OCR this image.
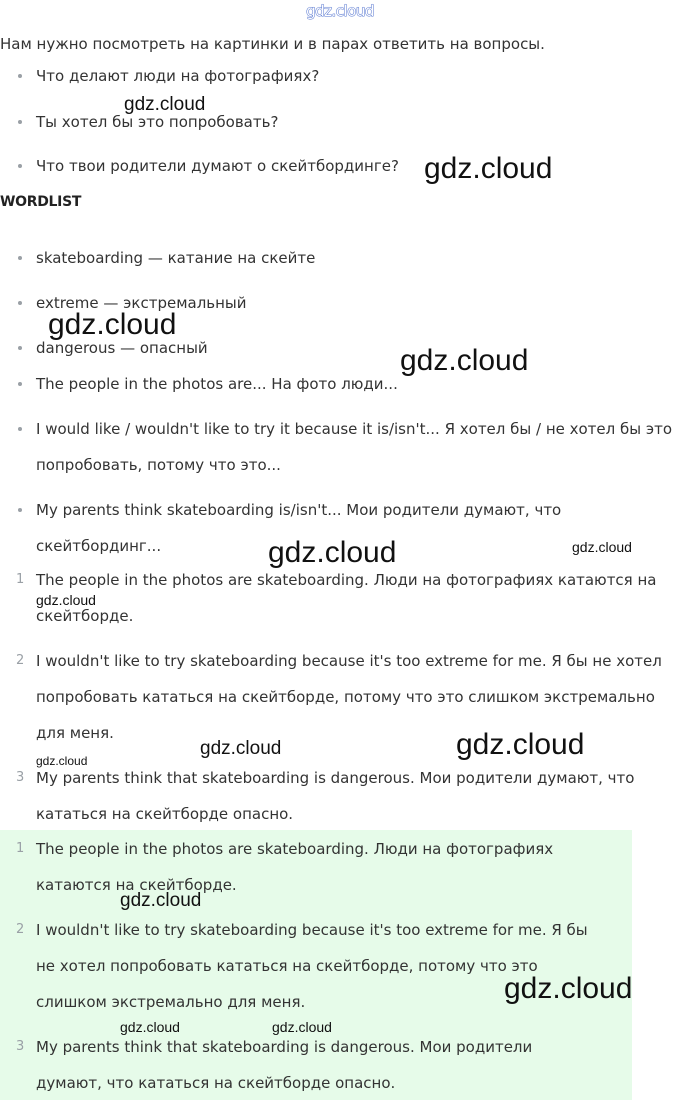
gdz.cloud

Нам нужно посмотреть на картинки и в парах ответить на вопросы.

Что делают люди на фотографиях?
Ты хотел бы это попробовать?
Что твои родители думают о скейтбординге?
WORDLIST
skateboarding — катание на скейте
extreme — экстремальный
dangerous — опасный
The people in the photos are... На фото люди...
I would like / wouldn't like to try it because it is/isn't... Я хотел бы / не хотел бы это попробовать, потому что это...
My parents think skateboarding is/isn't... Мои родители думают, что скейтбординг...
1 The people in the photos are skateboarding. Люди на фотографиях катаются на скейтборде.
2 I wouldn't like to try skateboarding because it's too extreme for me. Я бы не хотел попробовать кататься на скейтборде, потому что это слишком экстремально для меня.
3 My parents think that skateboarding is dangerous. Мои родители думают, что кататься на скейтборде опасно.
1 The people in the photos are skateboarding. Люди на фотографиях катаются на скейтборде.
2 I wouldn't like to try skateboarding because it's too extreme for me. Я бы не хотел попробовать кататься на скейтборде, потому что это слишком экстремально для меня.
3 My parents think that skateboarding is dangerous. Мои родители думают, что кататься на скейтборде опасно.
gdz.cloud
gdz.cloud
gdz.cloud
gdz.cloud
gdz.cloud	gdz.cloud
gdz.cloud
gdz.cloud	gdz.cloud
gdz.cloud
gdz.cloud
gdz.cloud
gdz.cloud	gdz.cloud
